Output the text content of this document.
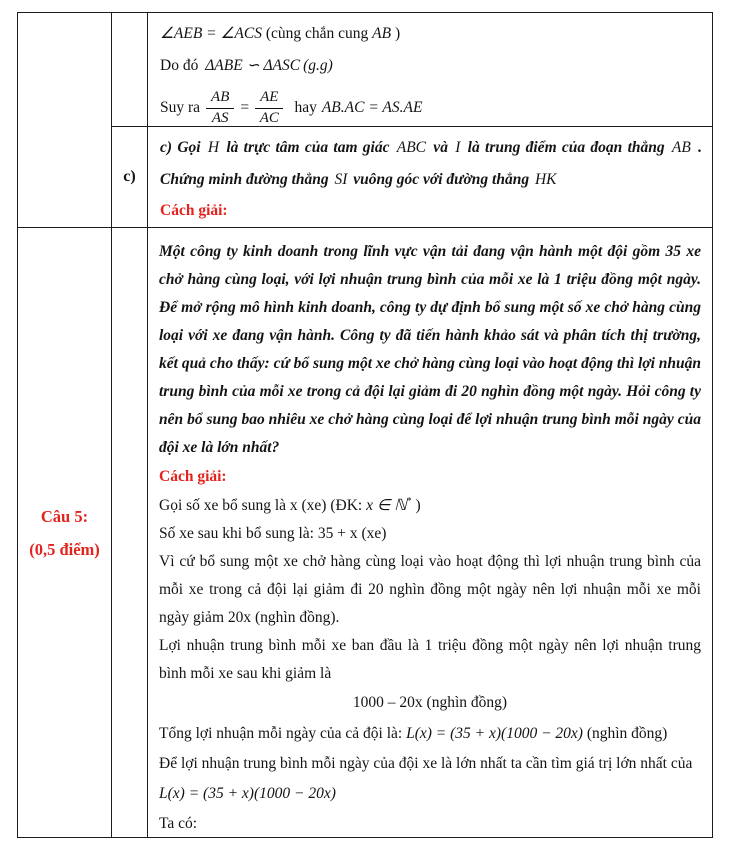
∠AEB = ∠ACS (cùng chắn cung AB )
Do đó ΔABE ∽ ΔASC (g.g)
Suy ra $\frac{AB}{AS} = \frac{AE}{AC}$ hay AB.AC = AS.AE
c)
c) Gọi H là trực tâm của tam giác ABC và I là trung điểm của đoạn thẳng AB . Chứng minh đường thẳng SI vuông góc với đường thẳng HK
Cách giải:
Câu 5:
(0,5 điểm)

Một công ty kinh doanh trong lĩnh vực vận tải đang vận hành một đội gồm 35 xe chở hàng cùng loại, với lợi nhuận trung bình của mỗi xe là 1 triệu đồng một ngày. Để mở rộng mô hình kinh doanh, công ty dự định bổ sung một số xe chở hàng cùng loại với xe đang vận hành. Công ty đã tiến hành khảo sát và phân tích thị trường, kết quả cho thấy: cứ bổ sung một xe chở hàng cùng loại vào hoạt động thì lợi nhuận trung bình của mỗi xe trong cả đội lại giảm đi 20 nghìn đồng một ngày. Hỏi công ty nên bổ sung bao nhiêu xe chở hàng cùng loại để lợi nhuận trung bình mỗi ngày của đội xe là lớn nhất?

Cách giải:
Gọi số xe bổ sung là x (xe) (ĐK: x ∈ ℕ* )
Số xe sau khi bổ sung là: 35 + x (xe)
Vì cứ bổ sung một xe chở hàng cùng loại vào hoạt động thì lợi nhuận trung bình của mỗi xe trong cả đội lại giảm đi 20 nghìn đồng một ngày nên lợi nhuận mỗi xe mỗi ngày giảm 20x (nghìn đồng).
Lợi nhuận trung bình mỗi xe ban đầu là 1 triệu đồng một ngày nên lợi nhuận trung bình mỗi xe sau khi giảm là
1000 – 20x (nghìn đồng)
Tổng lợi nhuận mỗi ngày của cả đội là: L(x) = (35 + x)(1000 − 20x) (nghìn đồng)
Để lợi nhuận trung bình mỗi ngày của đội xe là lớn nhất ta cần tìm giá trị lớn nhất của
L(x) = (35 + x)(1000 − 20x)
Ta có:
